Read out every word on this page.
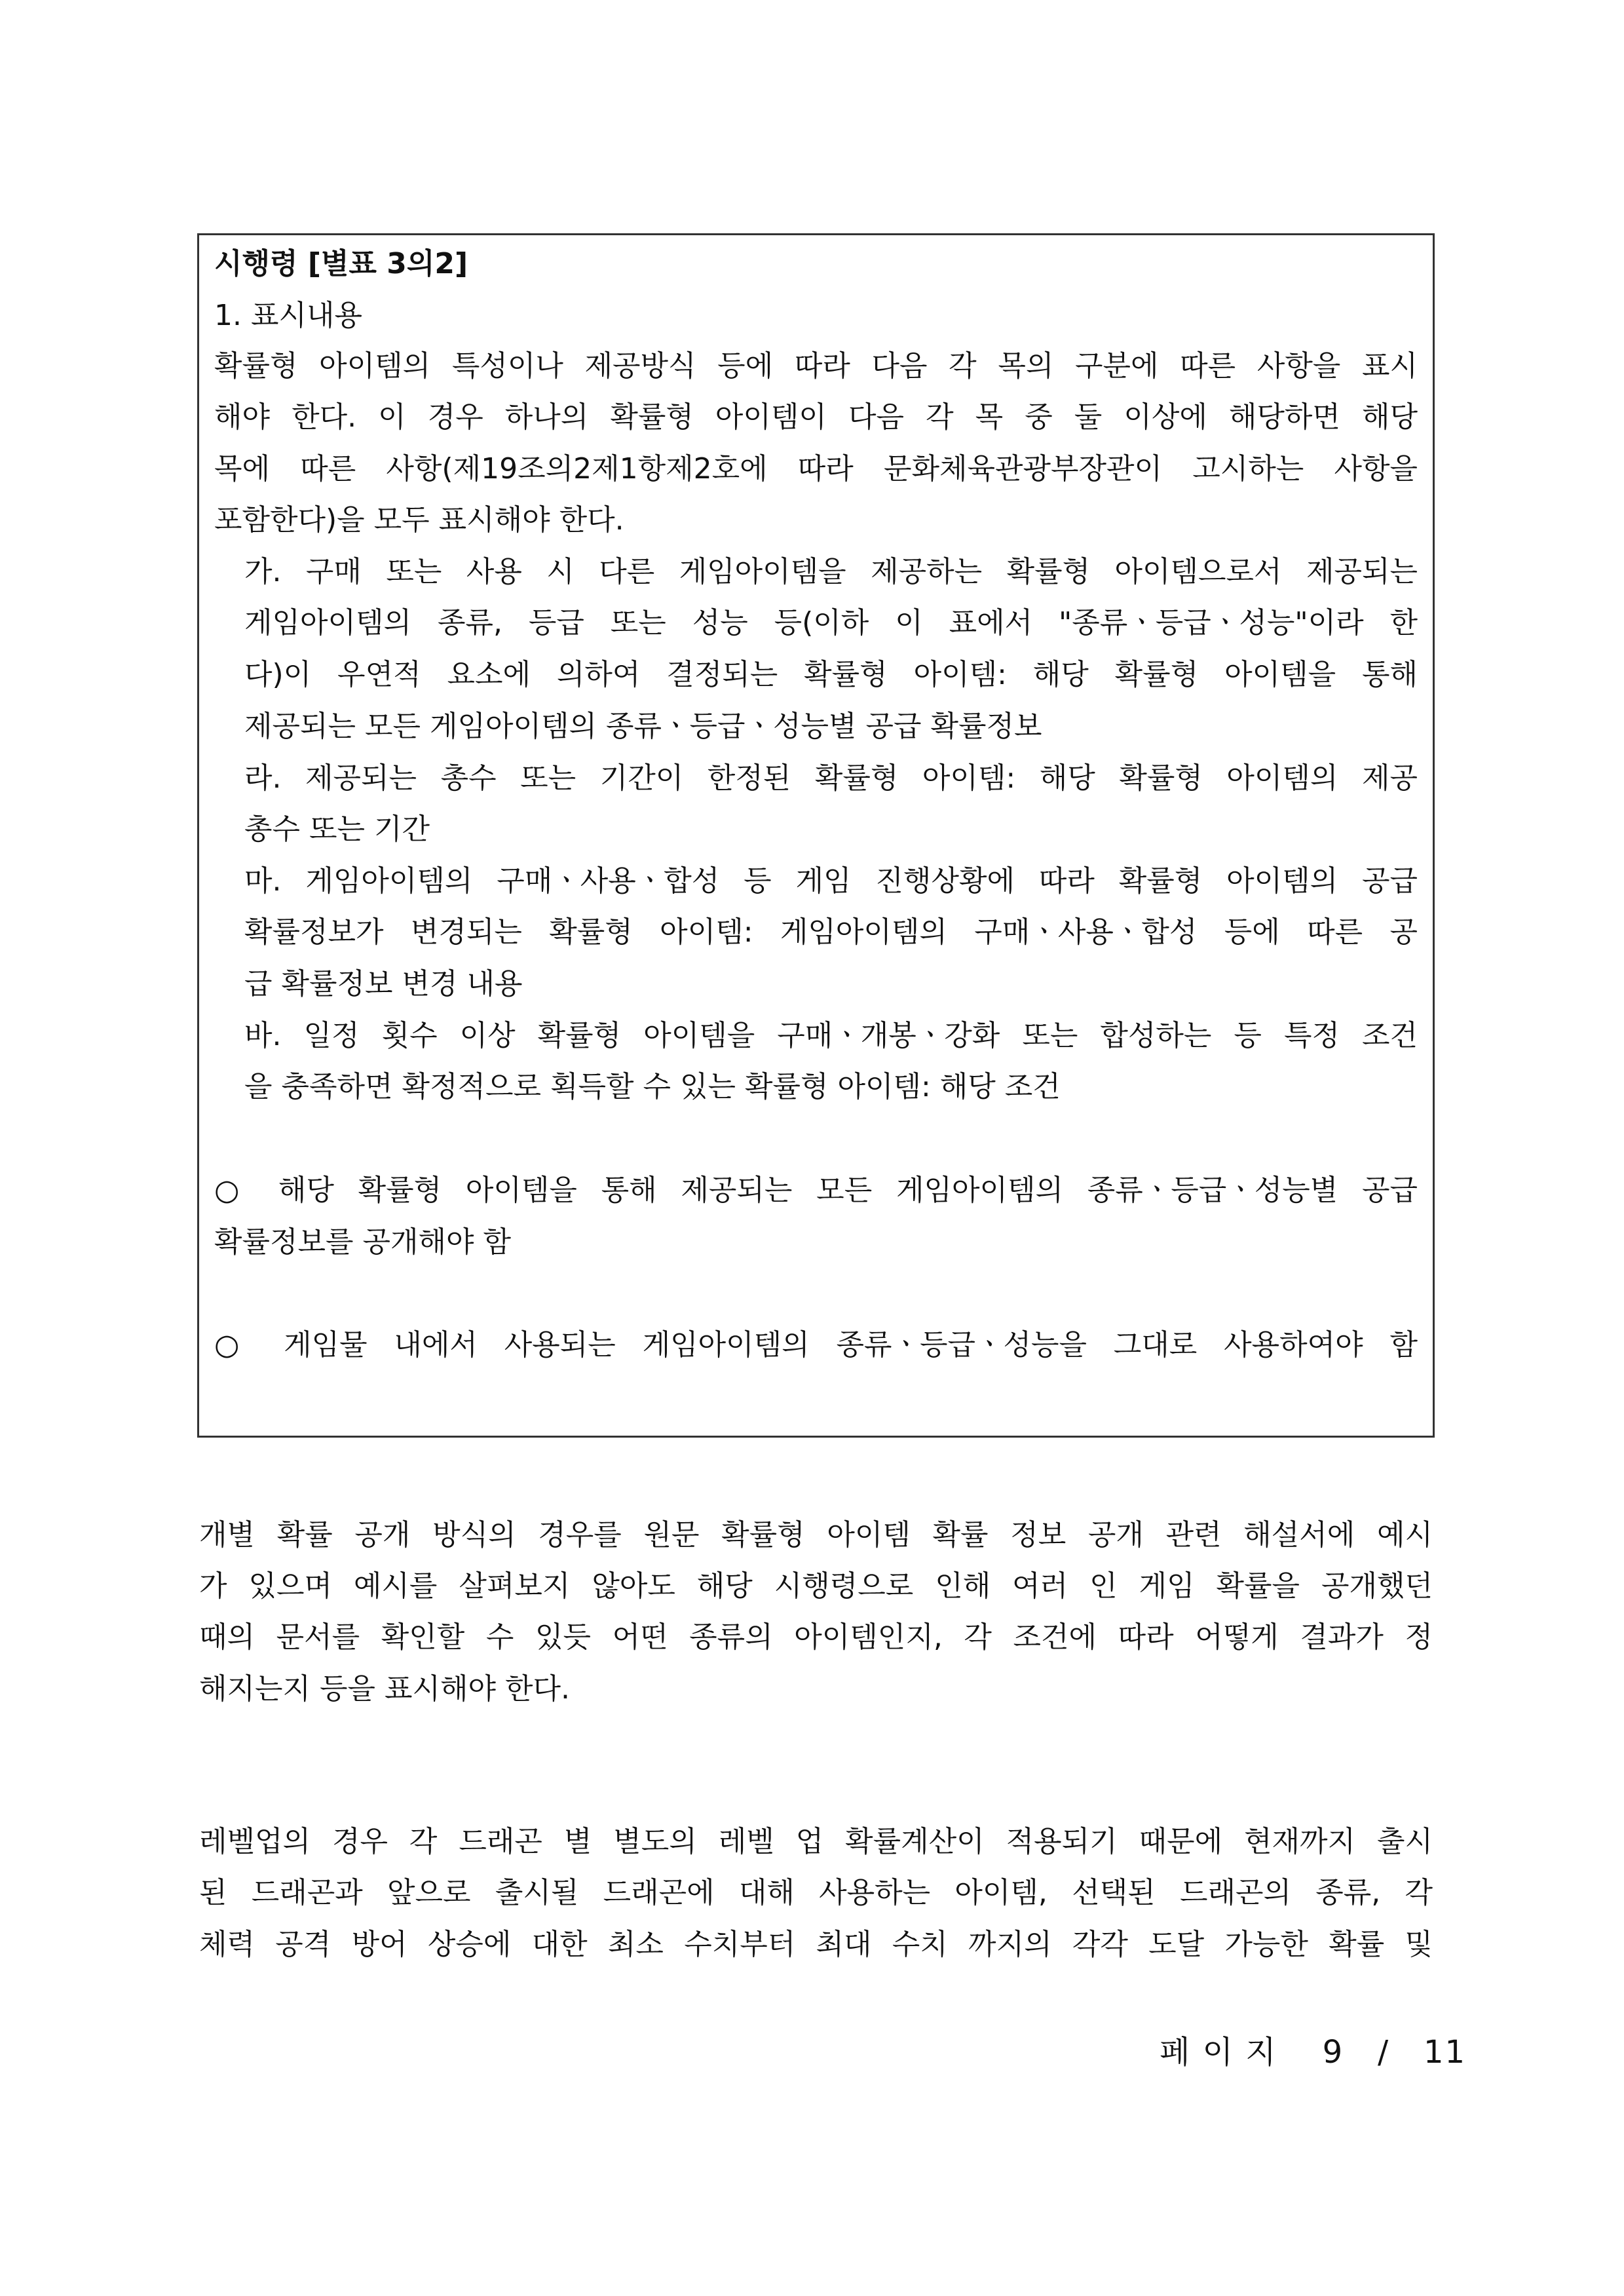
시행령 [별표 3의2]

1. 표시내용

확률형 아이템의 특성이나 제공방식 등에 따라 다음 각 목의 구분에 따른 사항을 표시

해야 한다. 이 경우 하나의 확률형 아이템이 다음 각 목 중 둘 이상에 해당하면 해당

목에 따른 사항(제19조의2제1항제2호에 따라 문화체육관광부장관이 고시하는 사항을

포함한다)을 모두 표시해야 한다.

가. 구매 또는 사용 시 다른 게임아이템을 제공하는 확률형 아이템으로서 제공되는

게임아이템의 종류, 등급 또는 성능 등(이하 이 표에서 "종류ㆍ등급ㆍ성능"이라 한

다)이 우연적 요소에 의하여 결정되는 확률형 아이템: 해당 확률형 아이템을 통해

제공되는 모든 게임아이템의 종류ㆍ등급ㆍ성능별 공급 확률정보

라. 제공되는 총수 또는 기간이 한정된 확률형 아이템: 해당 확률형 아이템의 제공

총수 또는 기간

마. 게임아이템의 구매ㆍ사용ㆍ합성 등 게임 진행상황에 따라 확률형 아이템의 공급

확률정보가 변경되는 확률형 아이템: 게임아이템의 구매ㆍ사용ㆍ합성 등에 따른 공

급 확률정보 변경 내용

바. 일정 횟수 이상 확률형 아이템을 구매ㆍ개봉ㆍ강화 또는 합성하는 등 특정 조건

을 충족하면 확정적으로 획득할 수 있는 확률형 아이템: 해당 조건

○ 해당 확률형 아이템을 통해 제공되는 모든 게임아이템의 종류ㆍ등급ㆍ성능별 공급

확률정보를 공개해야 함

○ 게임물 내에서 사용되는 게임아이템의 종류ㆍ등급ㆍ성능을 그대로 사용하여야 함

개별 확률 공개 방식의 경우를 원문 확률형 아이템 확률 정보 공개 관련 해설서에 예시

가 있으며 예시를 살펴보지 않아도 해당 시행령으로 인해 여러 인 게임 확률을 공개했던

때의 문서를 확인할 수 있듯 어떤 종류의 아이템인지, 각 조건에 따라 어떻게 결과가 정

해지는지 등을 표시해야 한다.

레벨업의 경우 각 드래곤 별 별도의 레벨 업 확률계산이 적용되기 때문에 현재까지 출시

된 드래곤과 앞으로 출시될 드래곤에 대해 사용하는 아이템, 선택된 드래곤의 종류, 각

체력 공격 방어 상승에 대한 최소 수치부터 최대 수치 까지의 각각 도달 가능한 확률 및

페 이 지 9 / 11
